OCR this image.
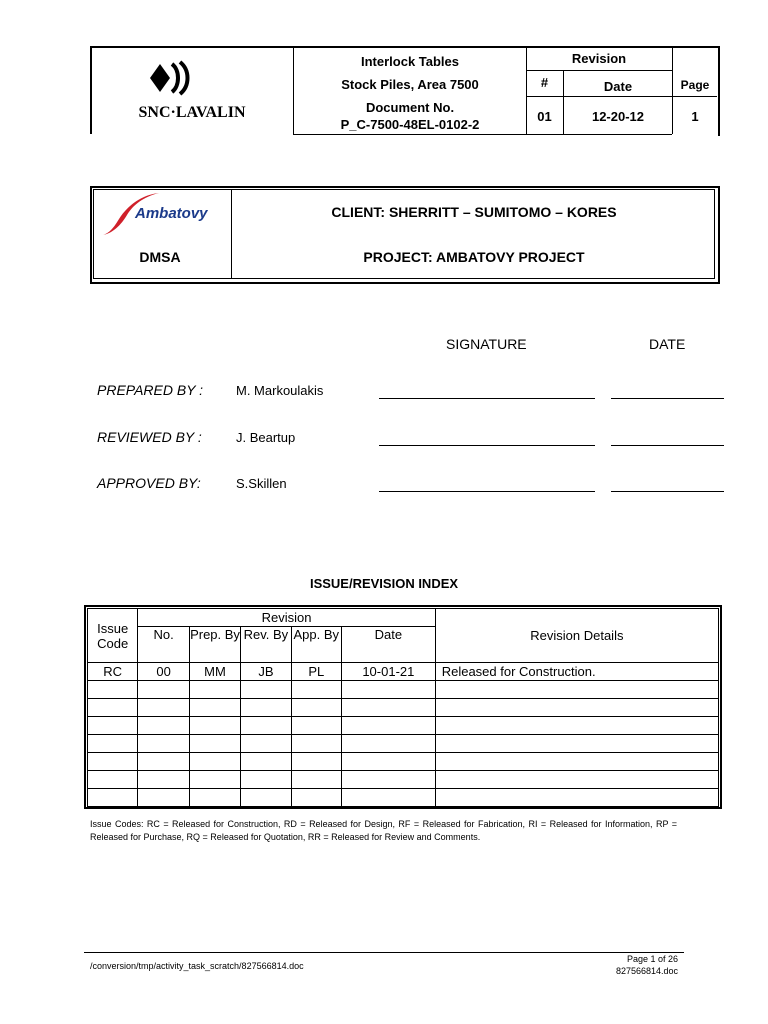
SNC·LAVALIN
Interlock Tables
Stock Piles, Area 7500
Document No.
P_C-7500-48EL-0102-2
Revision
#	Date
01	12-20-12
Page
1
Ambatovy
DMSA
CLIENT: SHERRITT – SUMITOMO – KORES
PROJECT: AMBATOVY PROJECT
SIGNATURE	DATE
PREPARED BY :	M. Markoulakis
REVIEWED BY :	J. Beartup
APPROVED BY:	S.Skillen
ISSUE/REVISION INDEX
Issue Code	Revision					Revision Details
	No.	Prep. By	Rev. By	App. By	Date	
RC	00	MM	JB	PL	10-01-21	Released for Construction.

Issue Codes: RC = Released for Construction, RD = Released for Design, RF = Released for Fabrication, RI = Released for Information, RP = Released for Purchase, RQ = Released for Quotation, RR = Released for Review and Comments.
/conversion/tmp/activity_task_scratch/827566814.doc
Page 1 of 26
827566814.doc
